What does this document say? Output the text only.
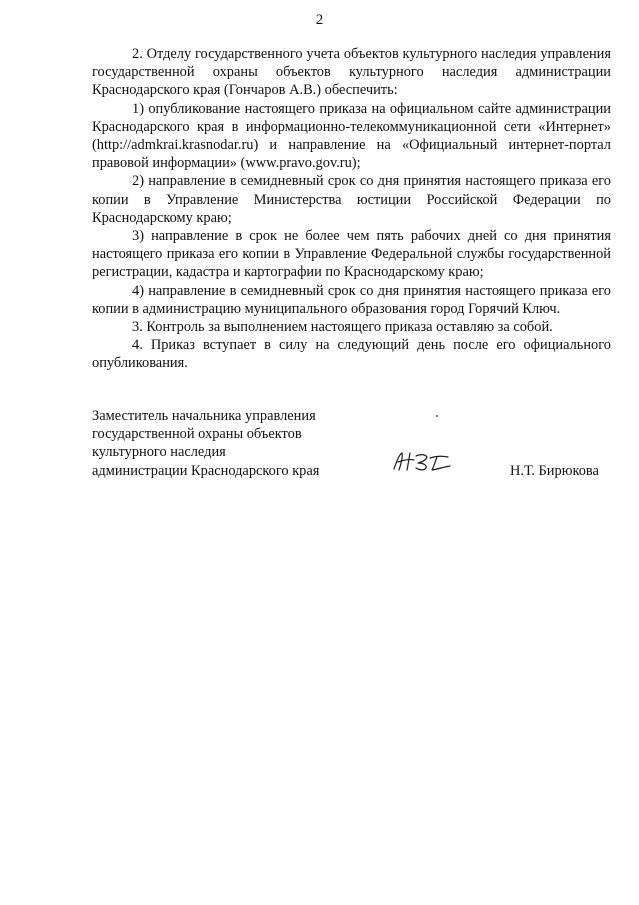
2

2. Отделу государственного учета объектов культурного наследия управления государственной охраны объектов культурного наследия администрации Краснодарского края (Гончаров А.В.) обеспечить:

1) опубликование настоящего приказа на официальном сайте администрации Краснодарского края в информационно-телекоммуникационной сети «Интернет» (http://admkrai.krasnodar.ru) и направление на «Официальный интернет-портал правовой информации» (www.pravo.gov.ru);

2) направление в семидневный срок со дня принятия настоящего приказа его копии в Управление Министерства юстиции Российской Федерации по Краснодарскому краю;

3) направление в срок не более чем пять рабочих дней со дня принятия настоящего приказа его копии в Управление Федеральной службы государственной регистрации, кадастра и картографии по Краснодарскому краю;

4) направление в семидневный срок со дня принятия настоящего приказа его копии в администрацию муниципального образования город Горячий Ключ.

3. Контроль за выполнением настоящего приказа оставляю за собой.

4. Приказ вступает в силу на следующий день после его официального опубликования.

Заместитель начальника управления
государственной охраны объектов
культурного наследия
администрации Краснодарского края	Н.Т. Бирюкова
